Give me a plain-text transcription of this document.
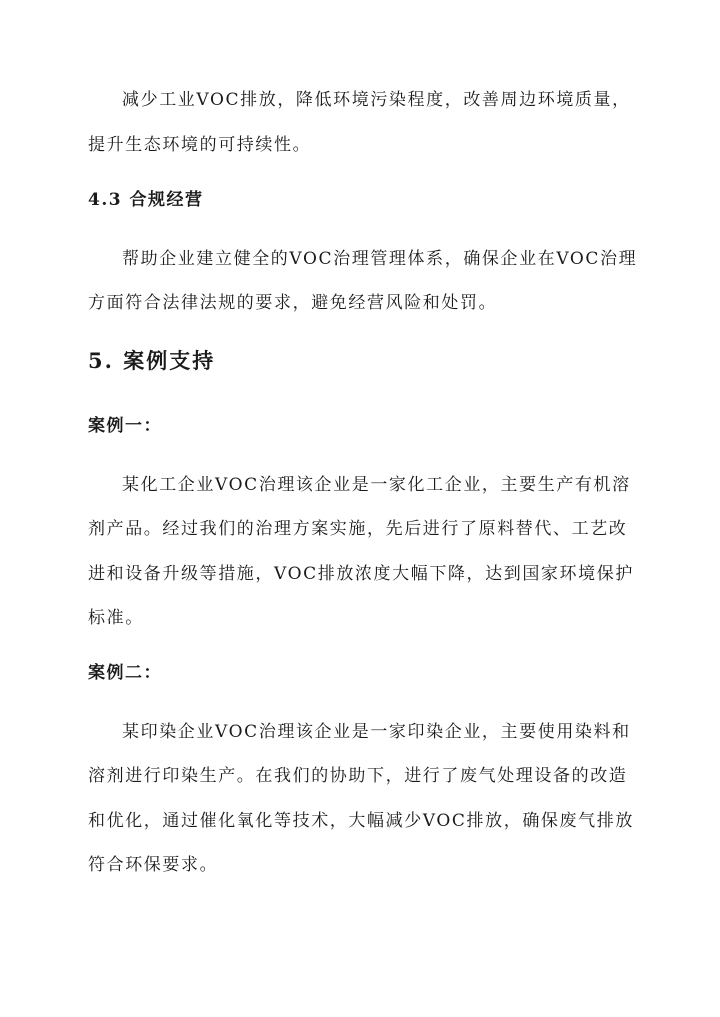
减少工业VOC排放，降低环境污染程度，改善周边环境质量，
提升生态环境的可持续性。
4.3 合规经营
帮助企业建立健全的VOC治理管理体系，确保企业在VOC治理
方面符合法律法规的要求，避免经营风险和处罚。
5. 案例支持
案例一：
某化工企业VOC治理该企业是一家化工企业，主要生产有机溶
剂产品。经过我们的治理方案实施，先后进行了原料替代、工艺改
进和设备升级等措施，VOC排放浓度大幅下降，达到国家环境保护
标准。
案例二：
某印染企业VOC治理该企业是一家印染企业，主要使用染料和
溶剂进行印染生产。在我们的协助下，进行了废气处理设备的改造
和优化，通过催化氧化等技术，大幅减少VOC排放，确保废气排放
符合环保要求。
